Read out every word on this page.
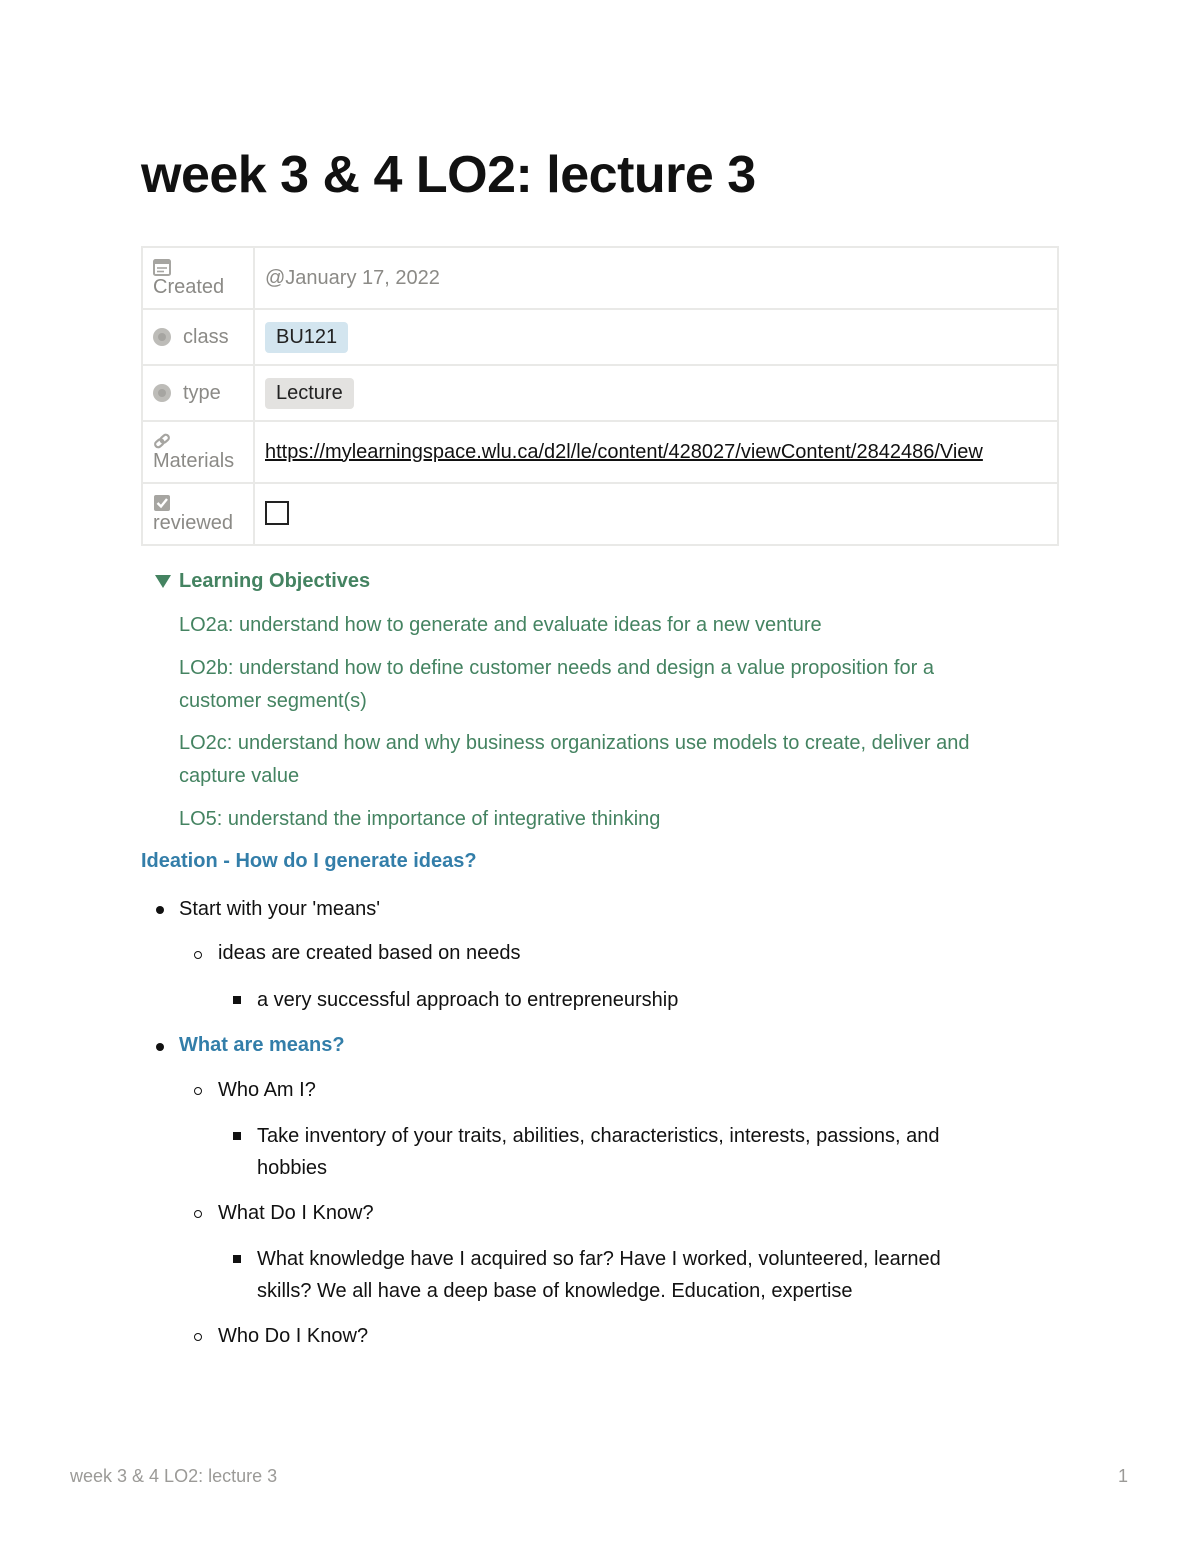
week 3 & 4 LO2: lecture 3
Created	@January 17, 2022

class	BU121

type	Lecture

Materials	https://mylearningspace.wlu.ca/d2l/le/content/428027/viewContent/2842486/View

reviewed	

Learning Objectives
LO2a: understand how to generate and evaluate ideas for a new venture
LO2b: understand how to define customer needs and design a value proposition for a
customer segment(s)
LO2c: understand how and why business organizations use models to create, deliver and
capture value
LO5: understand the importance of integrative thinking
Ideation - How do I generate ideas?
Start with your 'means'
ideas are created based on needs
a very successful approach to entrepreneurship
What are means?
Who Am I?
Take inventory of your traits, abilities, characteristics, interests, passions, and
hobbies
What Do I Know?
What knowledge have I acquired so far? Have I worked, volunteered, learned
skills? We all have a deep base of knowledge. Education, expertise
Who Do I Know?
week 3 & 4 LO2: lecture 3	1
